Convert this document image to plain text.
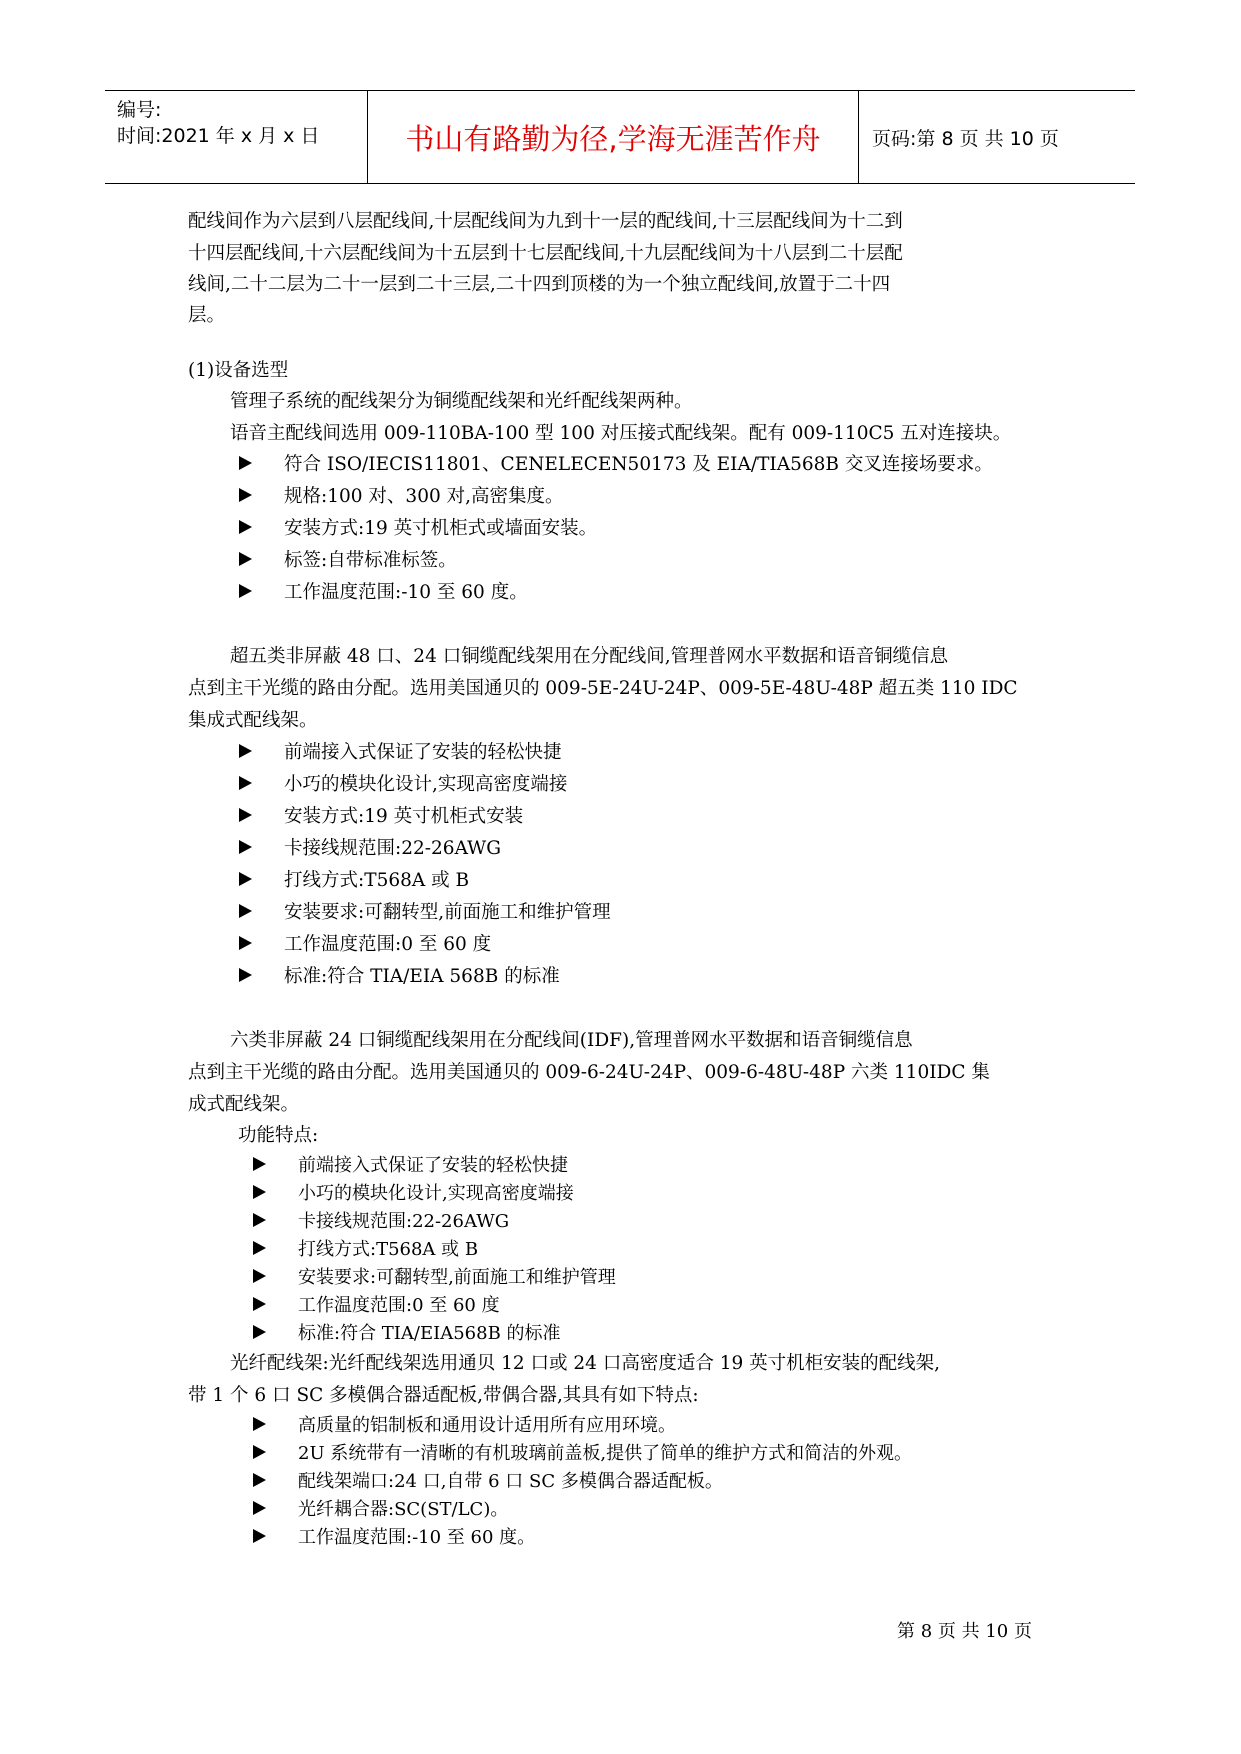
编号:
时间:2021 年 x 月 x 日	书山有路勤为径,学海无涯苦作舟	页码:第 8 页 共 10 页
配线间作为六层到八层配线间,十层配线间为九到十一层的配线间,十三层配线间为十二到
十四层配线间,十六层配线间为十五层到十七层配线间,十九层配线间为十八层到二十层配
线间,二十二层为二十一层到二十三层,二十四到顶楼的为一个独立配线间,放置于二十四
层。
(1)设备选型
管理子系统的配线架分为铜缆配线架和光纤配线架两种。
语音主配线间选用 009-110BA-100 型 100 对压接式配线架。配有 009-110C5 五对连接块。
符合 ISO/IECIS11801、CENELECEN50173 及 EIA/TIA568B 交叉连接场要求。
规格:100 对、300 对,高密集度。
安装方式:19 英寸机柜式或墙面安装。
标签:自带标准标签。
工作温度范围:-10 至 60 度。
超五类非屏蔽 48 口、24 口铜缆配线架用在分配线间,管理普网水平数据和语音铜缆信息
点到主干光缆的路由分配。选用美国通贝的 009-5E-24U-24P、009-5E-48U-48P 超五类 110 IDC
集成式配线架。
前端接入式保证了安装的轻松快捷
小巧的模块化设计,实现高密度端接
安装方式:19 英寸机柜式安装
卡接线规范围:22-26AWG
打线方式:T568A 或 B
安装要求:可翻转型,前面施工和维护管理
工作温度范围:0 至 60 度
标准:符合 TIA/EIA 568B 的标准
六类非屏蔽 24 口铜缆配线架用在分配线间(IDF),管理普网水平数据和语音铜缆信息
点到主干光缆的路由分配。选用美国通贝的 009-6-24U-24P、009-6-48U-48P 六类 110IDC 集
成式配线架。
功能特点:
前端接入式保证了安装的轻松快捷
小巧的模块化设计,实现高密度端接
卡接线规范围:22-26AWG
打线方式:T568A 或 B
安装要求:可翻转型,前面施工和维护管理
工作温度范围:0 至 60 度
标准:符合 TIA/EIA568B 的标准
光纤配线架:光纤配线架选用通贝 12 口或 24 口高密度适合 19 英寸机柜安装的配线架,
带 1 个 6 口 SC 多模偶合器适配板,带偶合器,其具有如下特点:
高质量的铝制板和通用设计适用所有应用环境。
2U 系统带有一清晰的有机玻璃前盖板,提供了简单的维护方式和简洁的外观。
配线架端口:24 口,自带 6 口 SC 多模偶合器适配板。
光纤耦合器:SC(ST/LC)。
工作温度范围:-10 至 60 度。
第 8 页 共 10 页
